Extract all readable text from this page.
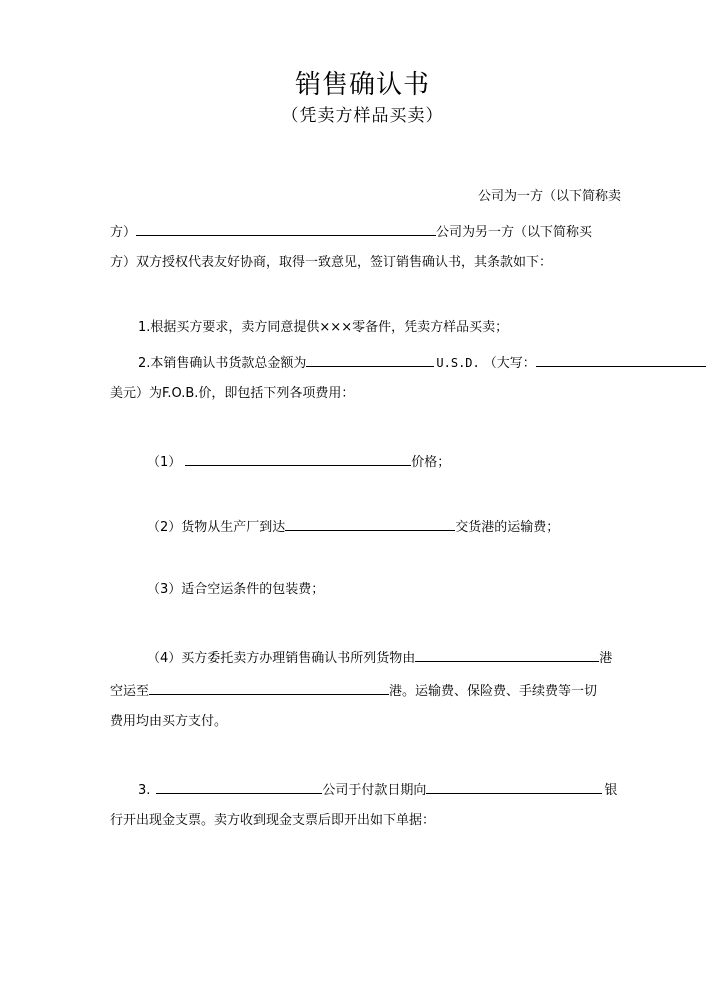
销售确认书
（凭卖方样品买卖）
公司为一方（以下简称卖
方）	公司为另一方（以下简称买
方）双方授权代表友好协商，取得一致意见，签订销售确认书，其条款如下：
1.根据买方要求，卖方同意提供×××零备件，凭卖方样品买卖；
2.本销售确认书货款总金额为	U.S.D. （大写：
美元）为F.O.B.价，即包括下列各项费用：
（1）	价格；
（2）货物从生产厂到达	交货港的运输费；
（3）适合空运条件的包装费；
（4）买方委托卖方办理销售确认书所列货物由	港
空运至	港。运输费、保险费、手续费等一切
费用均由买方支付。
3.	公司于付款日期向	银
行开出现金支票。卖方收到现金支票后即开出如下单据：
